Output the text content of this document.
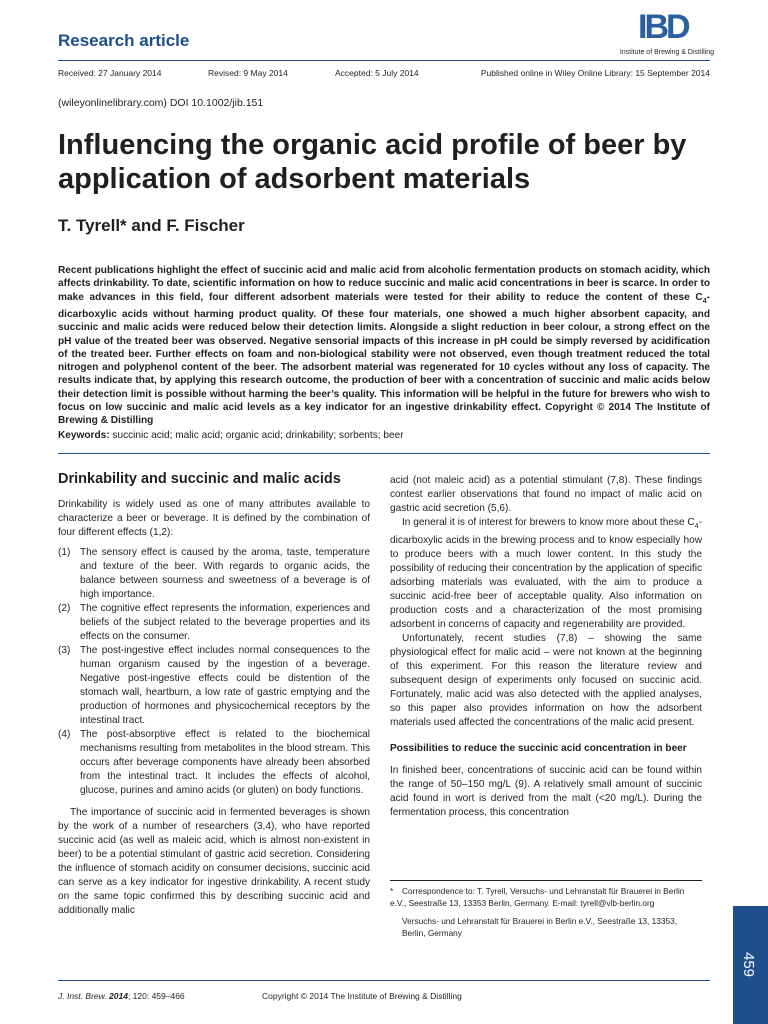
Research article	IBD
Institute of Brewing & Distilling
Received: 27 January 2014	Revised: 9 May 2014	Accepted: 5 July 2014	Published online in Wiley Online Library: 15 September 2014
(wileyonlinelibrary.com) DOI 10.1002/jib.151
Influencing the organic acid profile of beer by application of adsorbent materials
T. Tyrell* and F. Fischer
Recent publications highlight the effect of succinic acid and malic acid from alcoholic fermentation products on stomach acidity, which affects drinkability. To date, scientific information on how to reduce succinic and malic acid concentrations in beer is scarce. In order to make advances in this field, four different adsorbent materials were tested for their ability to reduce the content of these $C_4$-dicarboxylic acids without harming product quality. Of these four materials, one showed a much higher absorbent capacity, and succinic and malic acids were reduced below their detection limits. Alongside a slight reduction in beer colour, a strong effect on the pH value of the treated beer was observed. Negative sensorial impacts of this increase in pH could be simply reversed by acidification of the treated beer. Further effects on foam and non-biological stability were not observed, even though treatment reduced the total nitrogen and polyphenol content of the beer. The adsorbent material was regenerated for 10 cycles without any loss of capacity. The results indicate that, by applying this research outcome, the production of beer with a concentration of succinic and malic acids below their detection limit is possible without harming the beer’s quality. This information will be helpful in the future for brewers who wish to focus on low succinic and malic acid levels as a key indicator for an ingestive drinkability effect. Copyright © 2014 The Institute of Brewing & Distilling
Keywords: succinic acid; malic acid; organic acid; drinkability; sorbents; beer
Drinkability and succinic and malic acids

Drinkability is widely used as one of many attributes available to characterize a beer or beverage. It is defined by the combination of four different effects (1,2):

(1) The sensory effect is caused by the aroma, taste, temperature and texture of the beer. With regards to organic acids, the balance between sourness and sweetness of a beverage is of high importance.
(2) The cognitive effect represents the information, experiences and beliefs of the subject related to the beverage properties and its effects on the consumer.
(3) The post-ingestive effect includes normal consequences to the human organism caused by the ingestion of a beverage. Negative post-ingestive effects could be distention of the stomach wall, heartburn, a low rate of gastric emptying and the production of hormones and physicochemical receptors by the intestinal tract.
(4) The post-absorptive effect is related to the biochemical mechanisms resulting from metabolites in the blood stream. This occurs after beverage components have already been absorbed from the intestinal tract. It includes the effects of alcohol, glucose, purines and amino acids (or gluten) on body functions.

The importance of succinic acid in fermented beverages is shown by the work of a number of researchers (3,4), who have reported succinic acid (as well as maleic acid, which is almost non-existent in beer) to be a potential stimulant of gastric acid secretion. Considering the influence of stomach acidity on consumer decisions, succinic acid can serve as a key indicator for ingestive drinkability. A recent study on the same topic confirmed this by describing succinic acid and additionally malic

acid (not maleic acid) as a potential stimulant (7,8). These findings contest earlier observations that found no impact of malic acid on gastric acid secretion (5,6).

In general it is of interest for brewers to know more about these $C_4$-dicarboxylic acids in the brewing process and to know especially how to produce beers with a much lower content. In this study the possibility of reducing their concentration by the application of specific adsorbing materials was evaluated, with the aim to produce a succinic acid-free beer of acceptable quality. Also information on production costs and a characterization of the most promising adsorbent in concerns of capacity and regenerability are provided.

Unfortunately, recent studies (7,8) – showing the same physiological effect for malic acid – were not known at the beginning of this experiment. For this reason the literature review and subsequent design of experiments only focused on succinic acid. Fortunately, malic acid was also detected with the applied analyses, so this paper also provides information on how the adsorbent materials used affected the concentrations of the malic acid present.

Possibilities to reduce the succinic acid concentration in beer

In finished beer, concentrations of succinic acid can be found within the range of 50–150 mg/L (9). A relatively small amount of succinic acid found in wort is derived from the malt (<20 mg/L). During the fermentation process, this concentration

* Correspondence to: T. Tyrell, Versuchs- und Lehranstalt für Brauerei in Berlin e.V., Seestraße 13, 13353 Berlin, Germany. E-mail: tyrell@vlb-berlin.org

Versuchs- und Lehranstalt für Brauerei in Berlin e.V., Seestraße 13, 13353, Berlin, Germany

J. Inst. Brew. 2014; 120: 459–466	Copyright © 2014 The Institute of Brewing & Distilling
459
